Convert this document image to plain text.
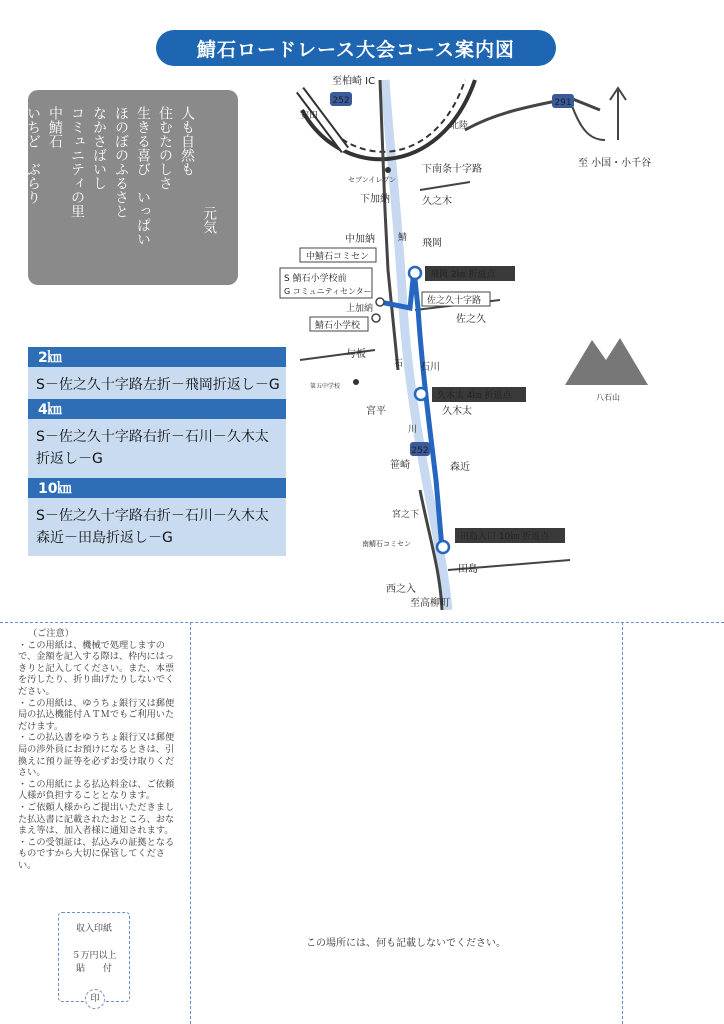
鯖石ロードレース大会コース案内図
元気
人も自然も
住むたのしさ
生きる喜び　いっぱい
ほのぼのふるさと
なかさばいし
コミュニティの里
中鯖石
いちど　ぶらり
たずねてみませんか
2㎞
S－佐之久十字路左折－飛岡折返し－G
4㎞
S－佐之久十字路右折－石川－久木太折返し－G
10㎞
S－佐之久十字路右折－石川－久木太森近－田島折返し－G
252	291
252
至柏崎 IC
安田
北陸
至 小国・小千谷
セブンイレブン
下南条十字路
下加納	久之木
中加納	飛岡
鯖
石
川
中鯖石コミセン
S 鯖石小学校前
G コミュニティセンター
上加納
鯖石小学校
佐之久十字路
佐之久
与板
石川
第五中学校
宮平	久木太
笹崎	森近
宮之下
南鯖石コミセン
田島
西之入
至高柳町
八石山
飛岡 2㎞ 折返点
久木太 4㎞ 折返点
田島入口 10㎞ 折返点
（ご注意）
・この用紙は、機械で処理しますので、金額を記入する際は、枠内にはっきりと記入してください。また、本票を汚したり、折り曲げたりしないでください。
・この用紙は、ゆうちょ銀行又は郵便局の払込機能付ＡＴＭでもご利用いただけます。
・この払込書をゆうちょ銀行又は郵便局の渉外員にお預けになるときは、引換えに預り証等を必ずお受け取りください。
・この用紙による払込料金は、ご依頼人様が負担することとなります。
・ご依頼人様からご提出いただきました払込書に記載されたおところ、おなまえ等は、加入者様に通知されます。
・この受領証は、払込みの証拠となるものですから大切に保管してください。
収入印紙
５万円以上
貼　　付
印
この場所には、何も記載しないでください。
